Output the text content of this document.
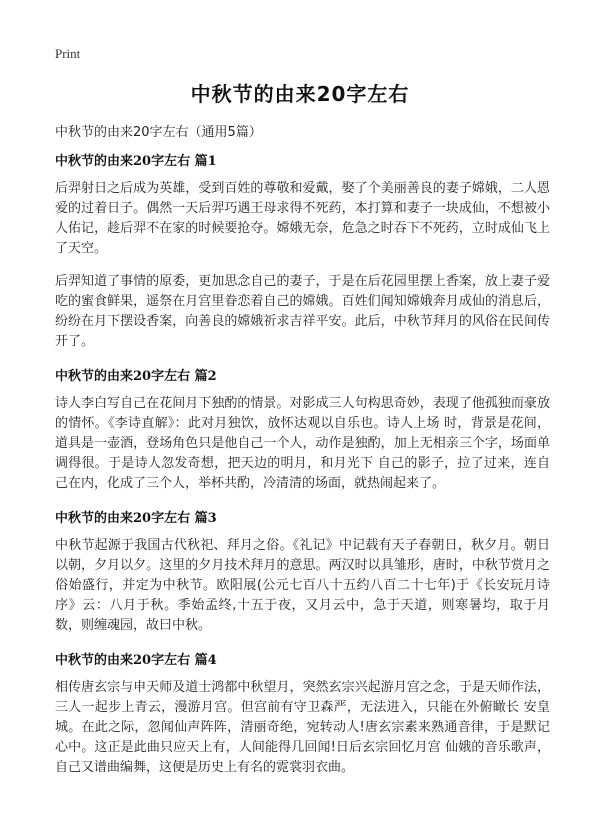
Print
中秋节的由来20字左右

中秋节的由来20字左右（通用5篇）

中秋节的由来20字左右 篇1

后羿射日之后成为英雄，受到百姓的尊敬和爱戴，娶了个美丽善良的妻子嫦娥，二人恩爱的过着日子。偶然一天后羿巧遇王母求得不死药，本打算和妻子一块成仙，不想被小人佑记，趁后羿不在家的时候要抢夺。嫦娥无奈，危急之时吞下不死药，立时成仙飞上了天空。

后羿知道了事情的原委，更加思念自己的妻子，于是在后花园里摆上香案，放上妻子爱吃的蜜食鲜果，遥祭在月宫里眷恋着自己的嫦娥。百姓们闻知嫦娥奔月成仙的消息后，纷纷在月下摆设香案，向善良的嫦娥祈求吉祥平安。此后，中秋节拜月的风俗在民间传开了。

中秋节的由来20字左右 篇2

诗人李白写自己在花间月下独酌的情景。对影成三人句构思奇妙，表现了他孤独而豪放的情怀。《李诗直解》：此对月独饮，放怀达观以自乐也。诗人上场 时，背景是花间，道具是一壶酒，登场角色只是他自己一个人，动作是独酌，加上无相亲三个字，场面单调得很。于是诗人忽发奇想，把天边的明月，和月光下 自己的影子，拉了过来，连自己在内，化成了三个人，举杯共酌，冷清清的场面，就热闹起来了。

中秋节的由来20字左右 篇3

中秋节起源于我国古代秋祀、拜月之俗。《礼记》中记载有天子春朝日，秋夕月。朝日以朝，夕月以夕。这里的夕月技术拜月的意思。两汉时以具雏形，唐时，中秋节赏月之俗始盛行，并定为中秋节。欧阳展(公元七百八十五约八百二十七年)于《长安玩月诗序》云：八月于秋。季始孟终,十五于夜，又月云中，急于天道，则寒暑均，取于月数，则缠魂园，故曰中秋。

中秋节的由来20字左右 篇4

相传唐玄宗与申天师及道士鸿都中秋望月，突然玄宗兴起游月宫之念，于是天师作法，三人一起步上青云，漫游月宫。但宫前有守卫森严，无法进入，只能在外俯瞰长 安皇城。在此之际，忽闻仙声阵阵，清丽奇绝，宛转动人!唐玄宗素来熟通音律，于是默记心中。这正是此曲只应天上有，人间能得几回闻!日后玄宗回忆月宫 仙娥的音乐歌声，自己又谱曲编舞，这便是历史上有名的霓裳羽衣曲。
